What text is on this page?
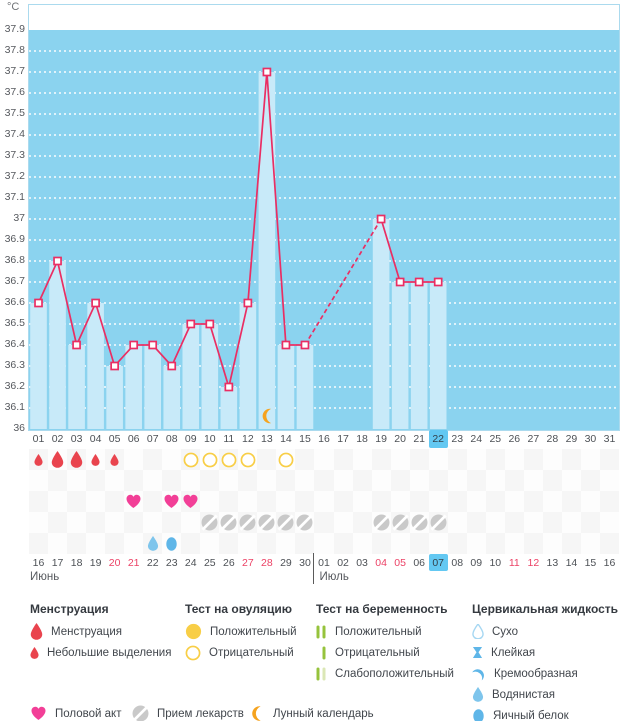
°C
37.9
37.8
37.7
37.6
37.5
37.4
37.3
37.2
37.1
37
36.9
36.8
36.7
36.6
36.5
36.4
36.3
36.2
36.1
36
01 02 03 04 05 06 07 08 09 10 11 12 13 14 15 16 17 18 19 20 21 22 23 24 25 26 27 28 29 30 31
16 17 18 19 20 21 22 23 24 25 26 27 28 29 30 01 02 03 04 05 06 07 08 09 10 11 12 13 14 15 16
Менструация
Менструация
Небольшие выделения
Тест на овуляцию
Положительный
Отрицательный
Тест на беременность
Положительный
Отрицательный
Слабоположительный
Цервикальная жидкость
Сухо
Клейкая
Кремообразная
Водянистая
Яичный белок
Половой акт	Прием лекарств	Лунный календарь
Июнь	Июль
